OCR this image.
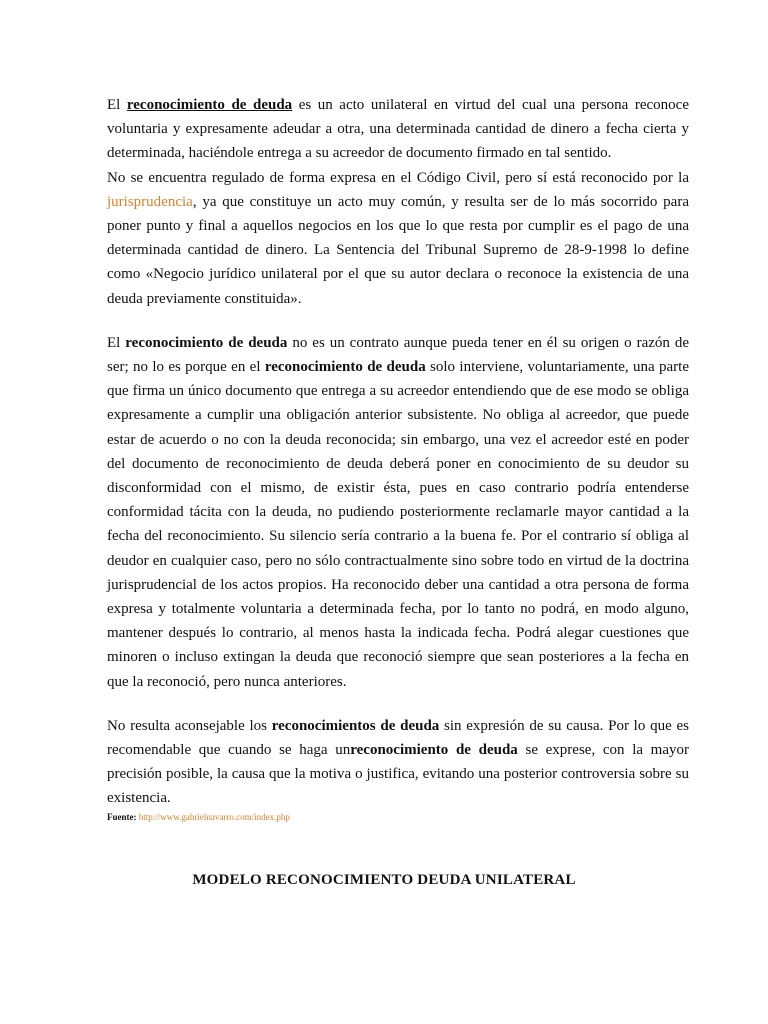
El reconocimiento de deuda es un acto unilateral en virtud del cual una persona reconoce voluntaria y expresamente adeudar a otra, una determinada cantidad de dinero a fecha cierta y determinada, haciéndole entrega a su acreedor de documento firmado en tal sentido.

No se encuentra regulado de forma expresa en el Código Civil, pero sí está reconocido por la jurisprudencia, ya que constituye un acto muy común, y resulta ser de lo más socorrido para poner punto y final a aquellos negocios en los que lo que resta por cumplir es el pago de una determinada cantidad de dinero. La Sentencia del Tribunal Supremo de 28-9-1998 lo define como «Negocio jurídico unilateral por el que su autor declara o reconoce la existencia de una deuda previamente constituida».

El reconocimiento de deuda no es un contrato aunque pueda tener en él su origen o razón de ser; no lo es porque en el reconocimiento de deuda solo interviene, voluntariamente, una parte que firma un único documento que entrega a su acreedor entendiendo que de ese modo se obliga expresamente a cumplir una obligación anterior subsistente. No obliga al acreedor, que puede estar de acuerdo o no con la deuda reconocida; sin embargo, una vez el acreedor esté en poder del documento de reconocimiento de deuda deberá poner en conocimiento de su deudor su disconformidad con el mismo, de existir ésta, pues en caso contrario podría entenderse conformidad tácita con la deuda, no pudiendo posteriormente reclamarle mayor cantidad a la fecha del reconocimiento. Su silencio sería contrario a la buena fe. Por el contrario sí obliga al deudor en cualquier caso, pero no sólo contractualmente sino sobre todo en virtud de la doctrina jurisprudencial de los actos propios. Ha reconocido deber una cantidad a otra persona de forma expresa y totalmente voluntaria a determinada fecha, por lo tanto no podrá, en modo alguno, mantener después lo contrario, al menos hasta la indicada fecha. Podrá alegar cuestiones que minoren o incluso extingan la deuda que reconoció siempre que sean posteriores a la fecha en que la reconoció, pero nunca anteriores.

No resulta aconsejable los reconocimientos de deuda sin expresión de su causa. Por lo que es recomendable que cuando se haga unreconocimiento de deuda se exprese, con la mayor precisión posible, la causa que la motiva o justifica, evitando una posterior controversia sobre su existencia.

Fuente: http://www.gabrielnavarro.com/index.php
MODELO RECONOCIMIENTO DEUDA UNILATERAL
